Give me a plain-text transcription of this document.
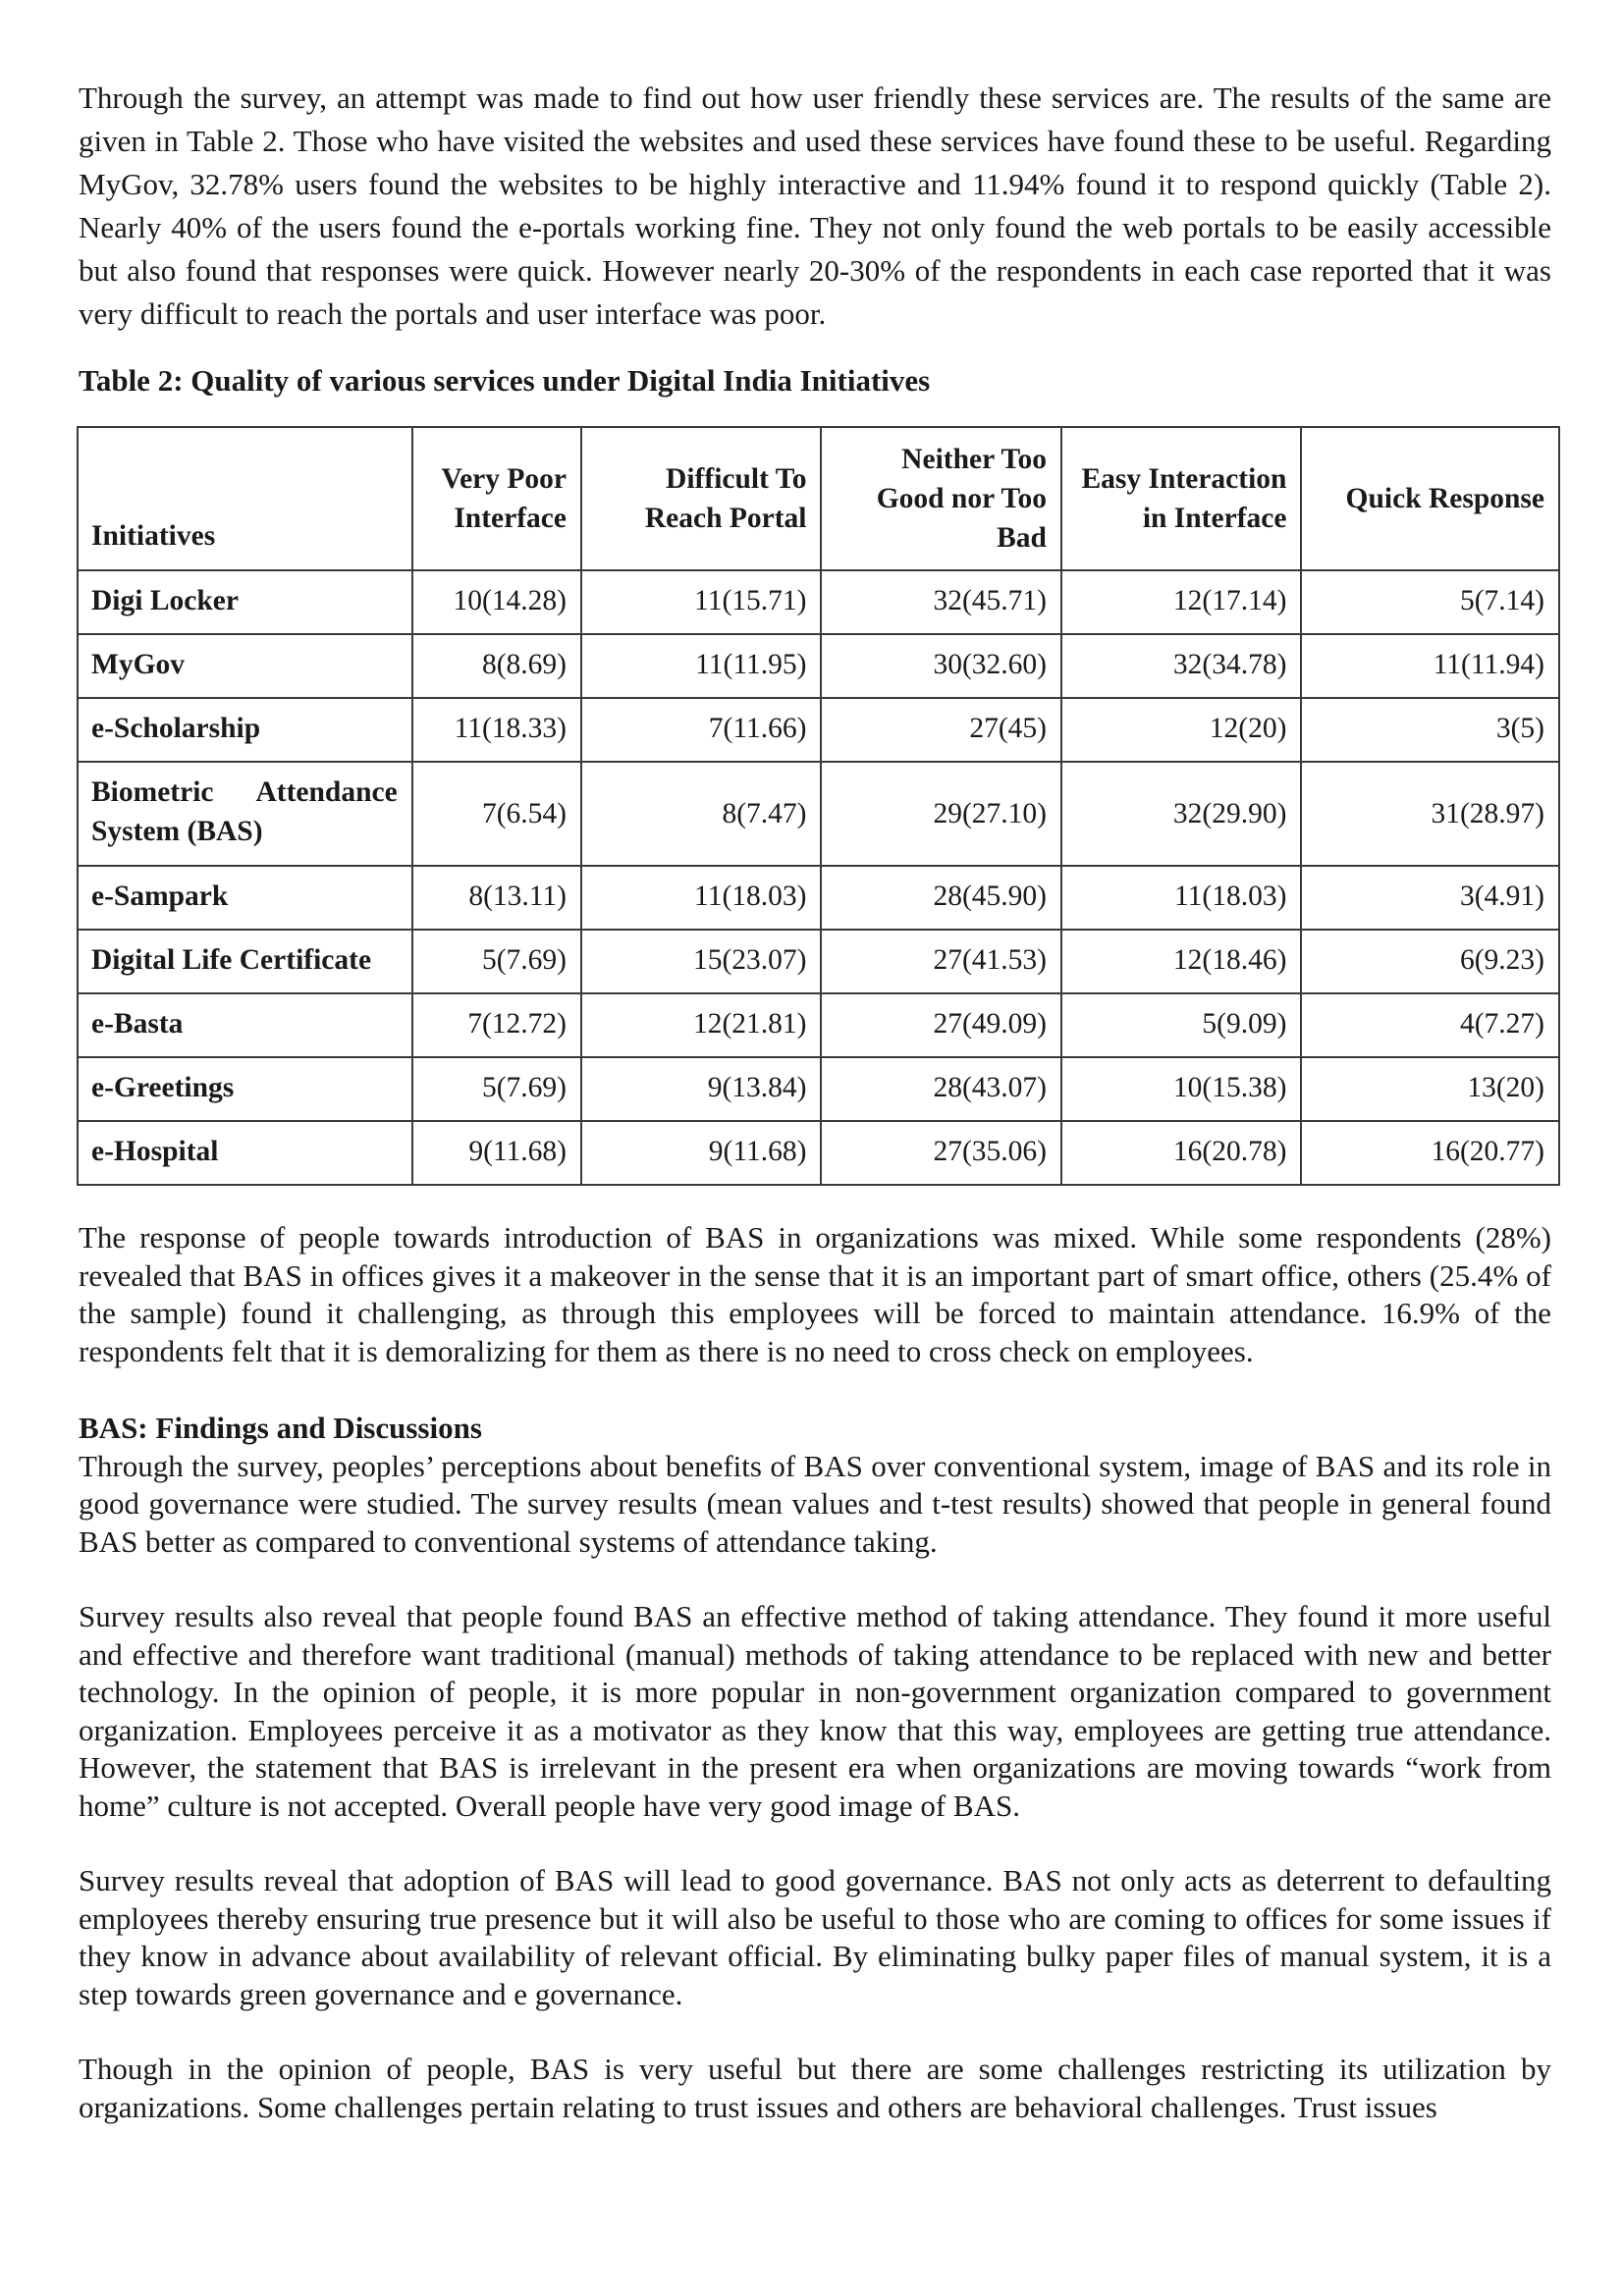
Through the survey, an attempt was made to find out how user friendly these services are. The results of the same are given in Table 2. Those who have visited the websites and used these services have found these to be useful. Regarding MyGov, 32.78% users found the websites to be highly interactive and 11.94% found it to respond quickly (Table 2). Nearly 40% of the users found the e-portals working fine. They not only found the web portals to be easily accessible but also found that responses were quick. However nearly 20-30% of the respondents in each case reported that it was very difficult to reach the portals and user interface was poor.

Table 2: Quality of various services under Digital India Initiatives
Initiatives	Very Poor Interface	Difficult To Reach Portal	Neither Too Good nor Too Bad	Easy Interaction in Interface	Quick Response
Digi Locker	10(14.28)	11(15.71)	32(45.71)	12(17.14)	5(7.14)
MyGov	8(8.69)	11(11.95)	30(32.60)	32(34.78)	11(11.94)
e-Scholarship	11(18.33)	7(11.66)	27(45)	12(20)	3(5)
Biometric Attendance System (BAS)	7(6.54)	8(7.47)	29(27.10)	32(29.90)	31(28.97)
e-Sampark	8(13.11)	11(18.03)	28(45.90)	11(18.03)	3(4.91)
Digital Life Certificate	5(7.69)	15(23.07)	27(41.53)	12(18.46)	6(9.23)
e-Basta	7(12.72)	12(21.81)	27(49.09)	5(9.09)	4(7.27)
e-Greetings	5(7.69)	9(13.84)	28(43.07)	10(15.38)	13(20)
e-Hospital	9(11.68)	9(11.68)	27(35.06)	16(20.78)	16(20.77)

The response of people towards introduction of BAS in organizations was mixed. While some respondents (28%) revealed that BAS in offices gives it a makeover in the sense that it is an important part of smart office, others (25.4% of the sample) found it challenging, as through this employees will be forced to maintain attendance. 16.9% of the respondents felt that it is demoralizing for them as there is no need to cross check on employees.

BAS: Findings and Discussions

Through the survey, peoples’ perceptions about benefits of BAS over conventional system, image of BAS and its role in good governance were studied. The survey results (mean values and t-test results) showed that people in general found BAS better as compared to conventional systems of attendance taking.

Survey results also reveal that people found BAS an effective method of taking attendance. They found it more useful and effective and therefore want traditional (manual) methods of taking attendance to be replaced with new and better technology. In the opinion of people, it is more popular in non-government organization compared to government organization. Employees perceive it as a motivator as they know that this way, employees are getting true attendance. However, the statement that BAS is irrelevant in the present era when organizations are moving towards “work from home” culture is not accepted. Overall people have very good image of BAS.

Survey results reveal that adoption of BAS will lead to good governance. BAS not only acts as deterrent to defaulting employees thereby ensuring true presence but it will also be useful to those who are coming to offices for some issues if they know in advance about availability of relevant official. By eliminating bulky paper files of manual system, it is a step towards green governance and e governance.

Though in the opinion of people, BAS is very useful but there are some challenges restricting its utilization by organizations. Some challenges pertain relating to trust issues and others are behavioral challenges. Trust issues
